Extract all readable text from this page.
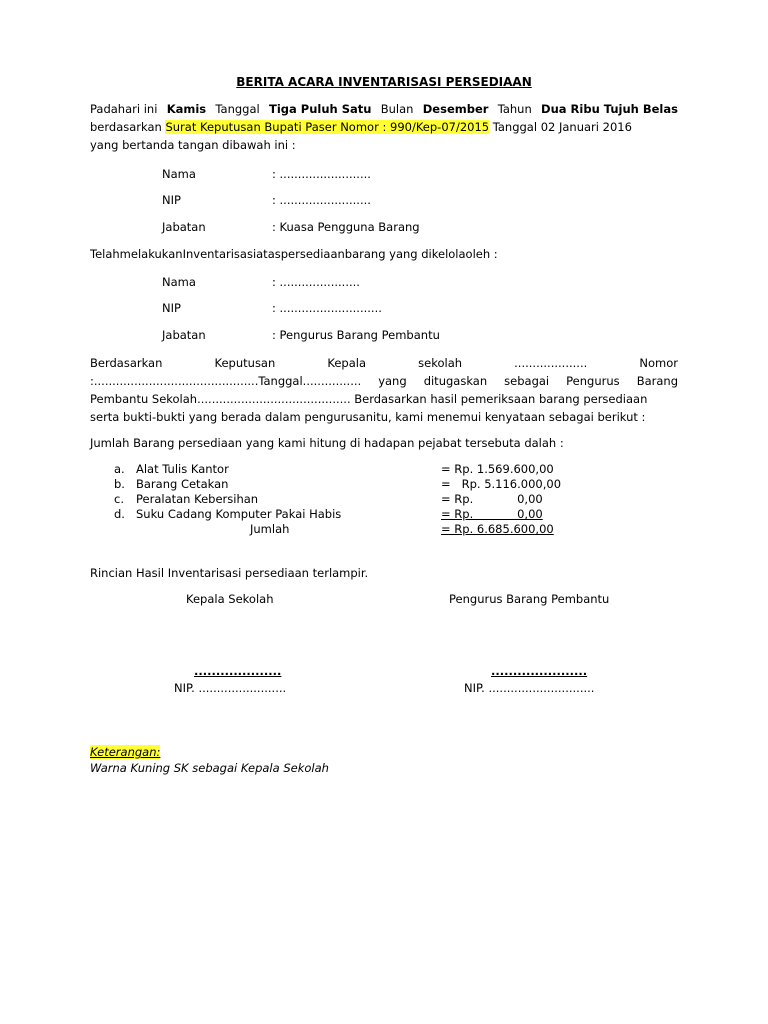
BERITA ACARA INVENTARISASI PERSEDIAAN
Padahari ini Kamis Tanggal Tiga Puluh Satu Bulan Desember Tahun Dua Ribu Tujuh Belas
berdasarkan Surat Keputusan Bupati Paser Nomor : 990/Kep-07/2015 Tanggal 02 Januari 2016
yang bertanda tangan dibawah ini :
Nama	: .........................
NIP	: .........................
Jabatan	: Kuasa Pengguna Barang
TelahmelakukanInventarisasiataspersediaanbarang yang dikelolaoleh :
Nama	: ......................
NIP	: ............................
Jabatan	: Pengurus Barang Pembantu
Berdasarkan	Keputusan	Kepala	sekolah	....................	Nomor
:.............................................Tanggal................ yang ditugaskan sebagai Pengurus Barang
Pembantu Sekolah.......................................... Berdasarkan hasil pemeriksaan barang persediaan
serta bukti-bukti yang berada dalam pengurusanitu, kami menemui kenyataan sebagai berikut :
Jumlah Barang persediaan yang kami hitung di hadapan pejabat tersebuta dalah :
a. Alat Tulis Kantor	= Rp. 1.569.600,00
b. Barang Cetakan	=   Rp. 5.116.000,00
c. Peralatan Kebersihan	= Rp.            0,00
d. Suku Cadang Komputer Pakai Habis	= Rp.            0,00
Jumlah	= Rp. 6.685.600,00
Rincian Hasil Inventarisasi persediaan terlampir.
Kepala Sekolah	Pengurus Barang Pembantu
....................	......................
NIP. ........................	NIP. .............................
Keterangan:
Warna Kuning SK sebagai Kepala Sekolah
